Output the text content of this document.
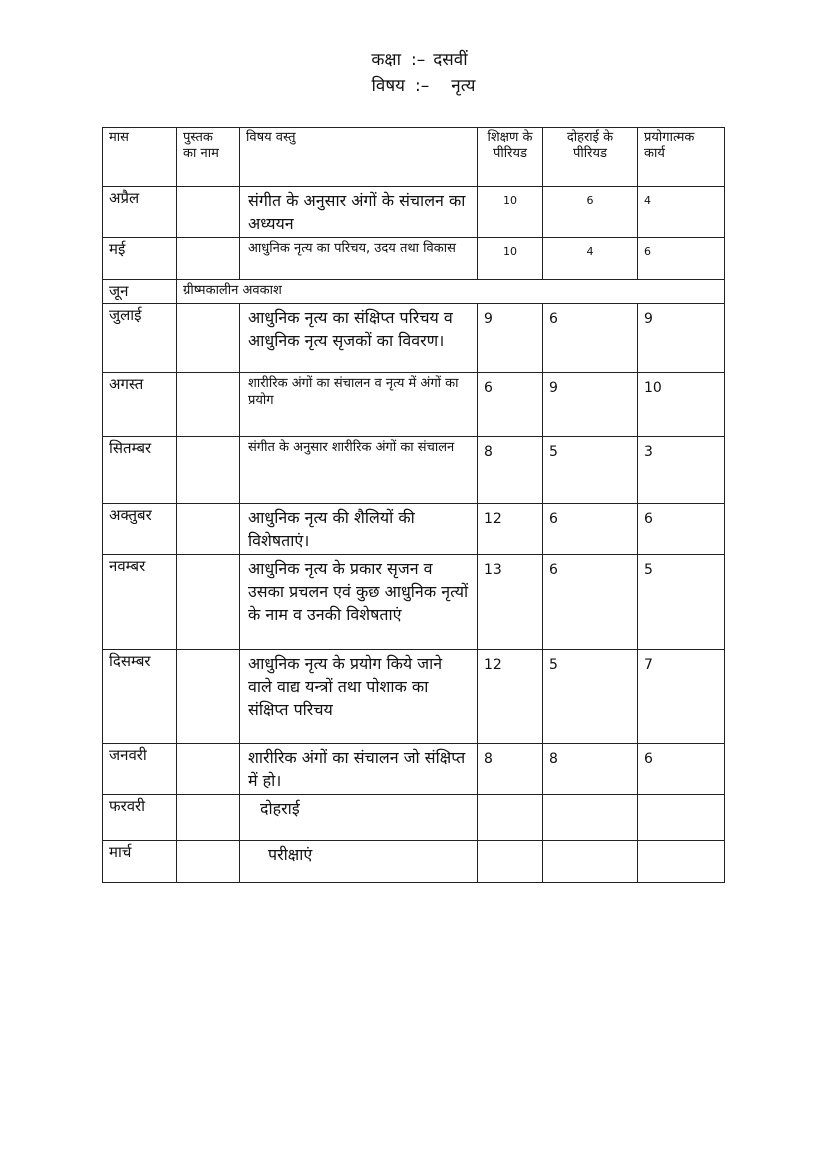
कक्षा :– दसवीं
विषय :– नृत्य
मास	पुस्तक का नाम	विषय वस्तु	शिक्षण के पीरियड	दोहराई के पीरियड	प्रयोगात्मक कार्य
अप्रैल		संगीत के अनुसार अंगों के संचालन का अध्ययन	10	6	4
मई		आधुनिक नृत्य का परिचय, उदय तथा विकास	10	4	6
जून	ग्रीष्मकालीन अवकाश				
जुलाई		आधुनिक नृत्य का संक्षिप्त परिचय व आधुनिक नृत्य सृजकों का विवरण।	9	6	9
अगस्त		शारीरिक अंगों का संचालन व नृत्य में अंगों का प्रयोग	6	9	10
सितम्बर		संगीत के अनुसार शारीरिक अंगों का संचालन	8	5	3
अक्तुबर		आधुनिक नृत्य की शैलियों की विशेषताएं।	12	6	6
नवम्बर		आधुनिक नृत्य के प्रकार सृजन व उसका प्रचलन एवं कुछ आधुनिक नृत्यों के नाम व उनकी विशेषताएं	13	6	5
दिसम्बर		आधुनिक नृत्य के प्रयोग किये जाने वाले वाद्य यन्त्रों तथा पोशाक का संक्षिप्त परिचय	12	5	7
जनवरी		शारीरिक अंगों का संचालन जो संक्षिप्त में हो।	8	8	6
फरवरी		दोहराई			
मार्च		परीक्षाएं			
